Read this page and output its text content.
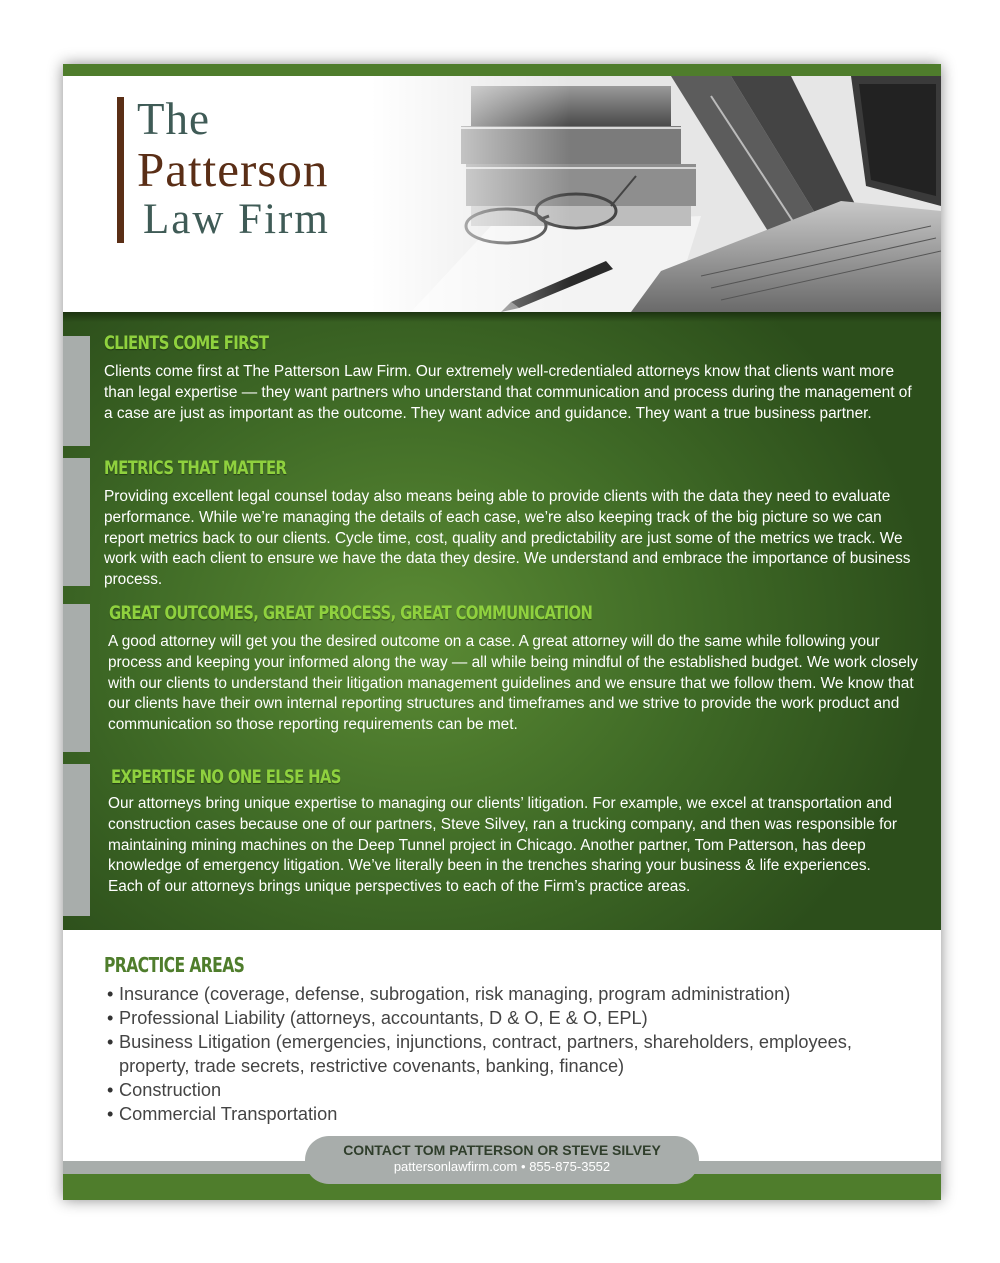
The
Patterson
Law Firm
CLIENTS COME FIRST
Clients come first at The Patterson Law Firm. Our extremely well-credentialed attorneys know that clients want more than legal expertise — they want partners who understand that communication and process during the management of a case are just as important as the outcome. They want advice and guidance. They want a true business partner.
METRICS THAT MATTER
Providing excellent legal counsel today also means being able to provide clients with the data they need to evaluate performance. While we’re managing the details of each case, we’re also keeping track of the big picture so we can report metrics back to our clients. Cycle time, cost, quality and predictability are just some of the metrics we track. We work with each client to ensure we have the data they desire. We understand and embrace the importance of business process.
GREAT OUTCOMES, GREAT PROCESS, GREAT COMMUNICATION
A good attorney will get you the desired outcome on a case. A great attorney will do the same while following your process and keeping your informed along the way — all while being mindful of the established budget. We work closely with our clients to understand their litigation management guidelines and we ensure that we follow them. We know that our clients have their own internal reporting structures and timeframes and we strive to provide the work product and communication so those reporting requirements can be met.
EXPERTISE NO ONE ELSE HAS
Our attorneys bring unique expertise to managing our clients’ litigation. For example, we excel at transportation and construction cases because one of our partners, Steve Silvey, ran a trucking company, and then was responsible for maintaining mining machines on the Deep Tunnel project in Chicago. Another partner, Tom Patterson, has deep knowledge of emergency litigation. We’ve literally been in the trenches sharing your business & life experiences. Each of our attorneys brings unique perspectives to each of the Firm’s practice areas.
PRACTICE AREAS
• Insurance (coverage, defense, subrogation, risk managing, program administration)
• Professional Liability (attorneys, accountants, D & O, E & O, EPL)
• Business Litigation (emergencies, injunctions, contract, partners, shareholders, employees, property, trade secrets, restrictive covenants, banking, finance)
• Construction
• Commercial Transportation
CONTACT TOM PATTERSON OR STEVE SILVEY
pattersonlawfirm.com • 855-875-3552
